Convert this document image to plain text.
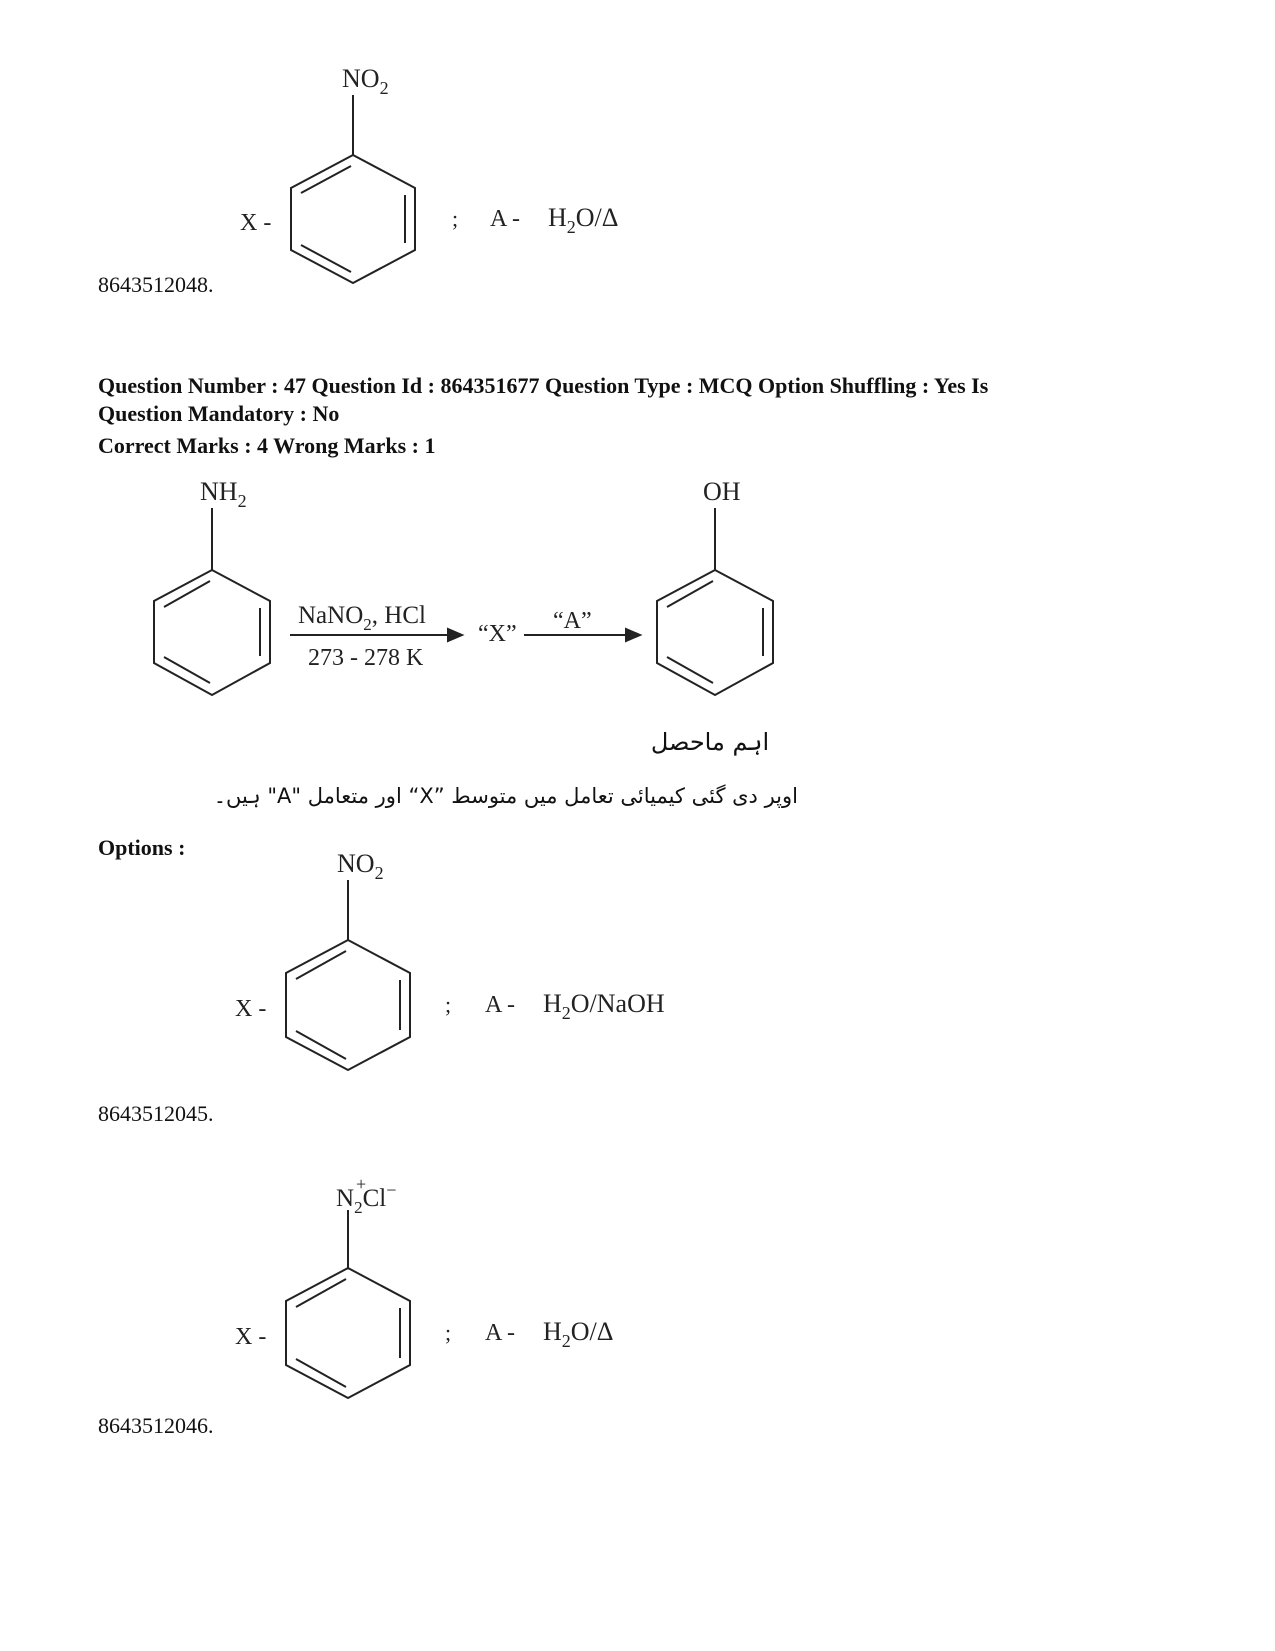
$NO_2$
X -	; A - $H_2O/\Delta$
8643512048.
Question Number : 47 Question Id : 864351677 Question Type : MCQ Option Shuffling : Yes Is
Question Mandatory : No
Correct Marks : 4 Wrong Marks : 1
$NH_2$
NaNO$_2$, HCl
273 - 278 K
“X” “A”
OH
اہم ماحصل
اوپر دی گئی کیمیائی تعامل میں متوسط ”X“ اور متعامل "A" ہیں۔
Options :
$NO_2$
X -	; A - $H_2O$/NaOH
8643512045.
+
$N_2Cl^-$
X -	; A - $H_2O/\Delta$
8643512046.
